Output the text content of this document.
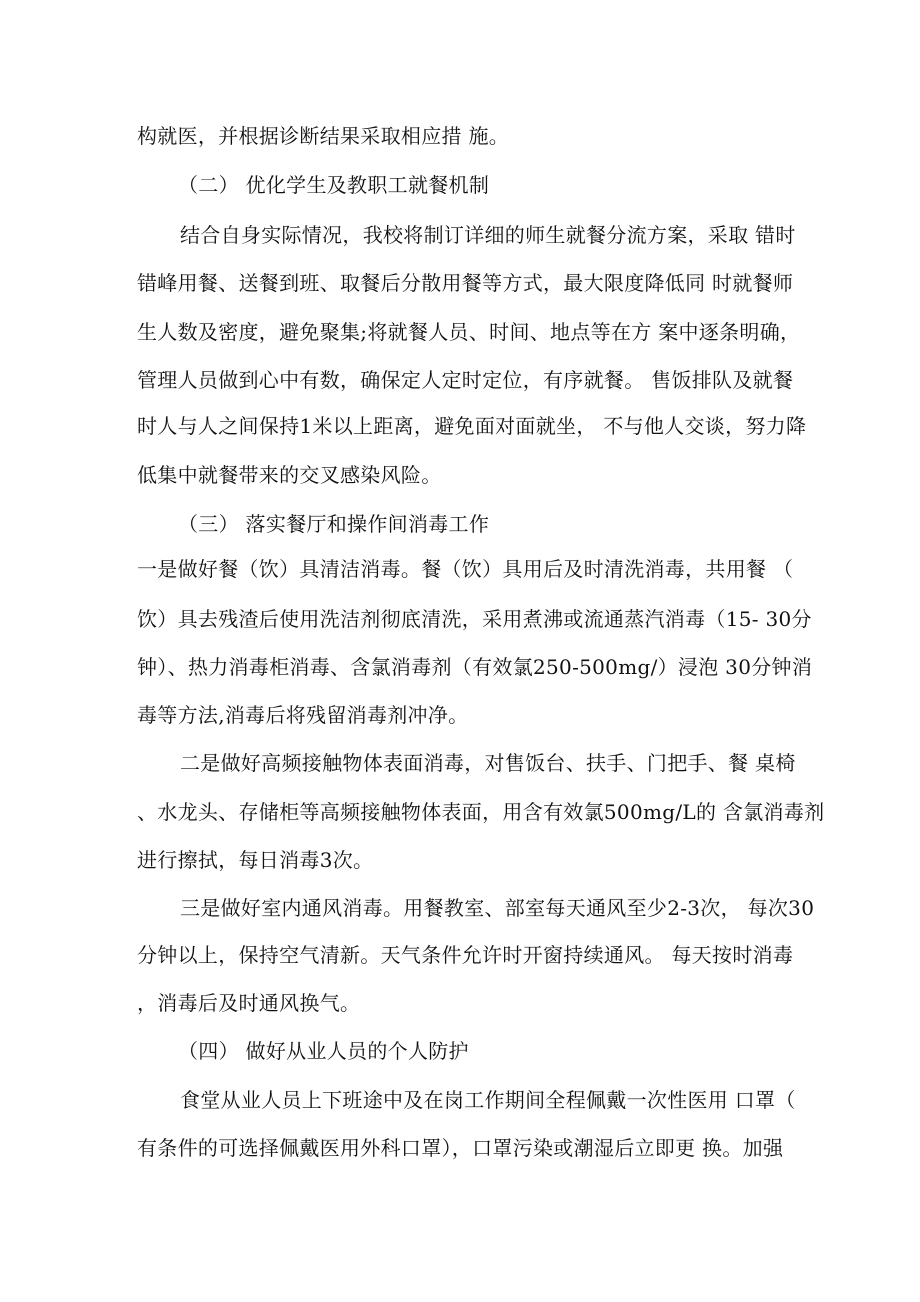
构就医，并根据诊断结果采取相应措 施。
（二） 优化学生及教职工就餐机制
结合自身实际情况，我校将制订详细的师生就餐分流方案，采取 错时
错峰用餐、送餐到班、取餐后分散用餐等方式，最大限度降低同 时就餐师
生人数及密度，避免聚集;将就餐人员、时间、地点等在方 案中逐条明确，
管理人员做到心中有数，确保定人定时定位，有序就餐。 售饭排队及就餐
时人与人之间保持1米以上距离，避免面对面就坐， 不与他人交谈，努力降
低集中就餐带来的交叉感染风险。
（三） 落实餐厅和操作间消毒工作
一是做好餐（饮）具清洁消毒。餐（饮）具用后及时清洗消毒，共用餐 （
饮）具去残渣后使用洗洁剂彻底清洗，采用煮沸或流通蒸汽消毒（15- 30分
钟）、热力消毒柜消毒、含氯消毒剂（有效氯250-500mg/）浸泡 30分钟消
毒等方法,消毒后将残留消毒剂冲净。
二是做好高频接触物体表面消毒，对售饭台、扶手、门把手、餐 桌椅
、水龙头、存储柜等高频接触物体表面，用含有效氯500mg/L的 含氯消毒剂
进行擦拭，每日消毒3次。
三是做好室内通风消毒。用餐教室、部室每天通风至少2-3次， 每次30
分钟以上，保持空气清新。天气条件允许时开窗持续通风。 每天按时消毒
，消毒后及时通风换气。
（四） 做好从业人员的个人防护
食堂从业人员上下班途中及在岗工作期间全程佩戴一次性医用 口罩（
有条件的可选择佩戴医用外科口罩），口罩污染或潮湿后立即更 换。加强
